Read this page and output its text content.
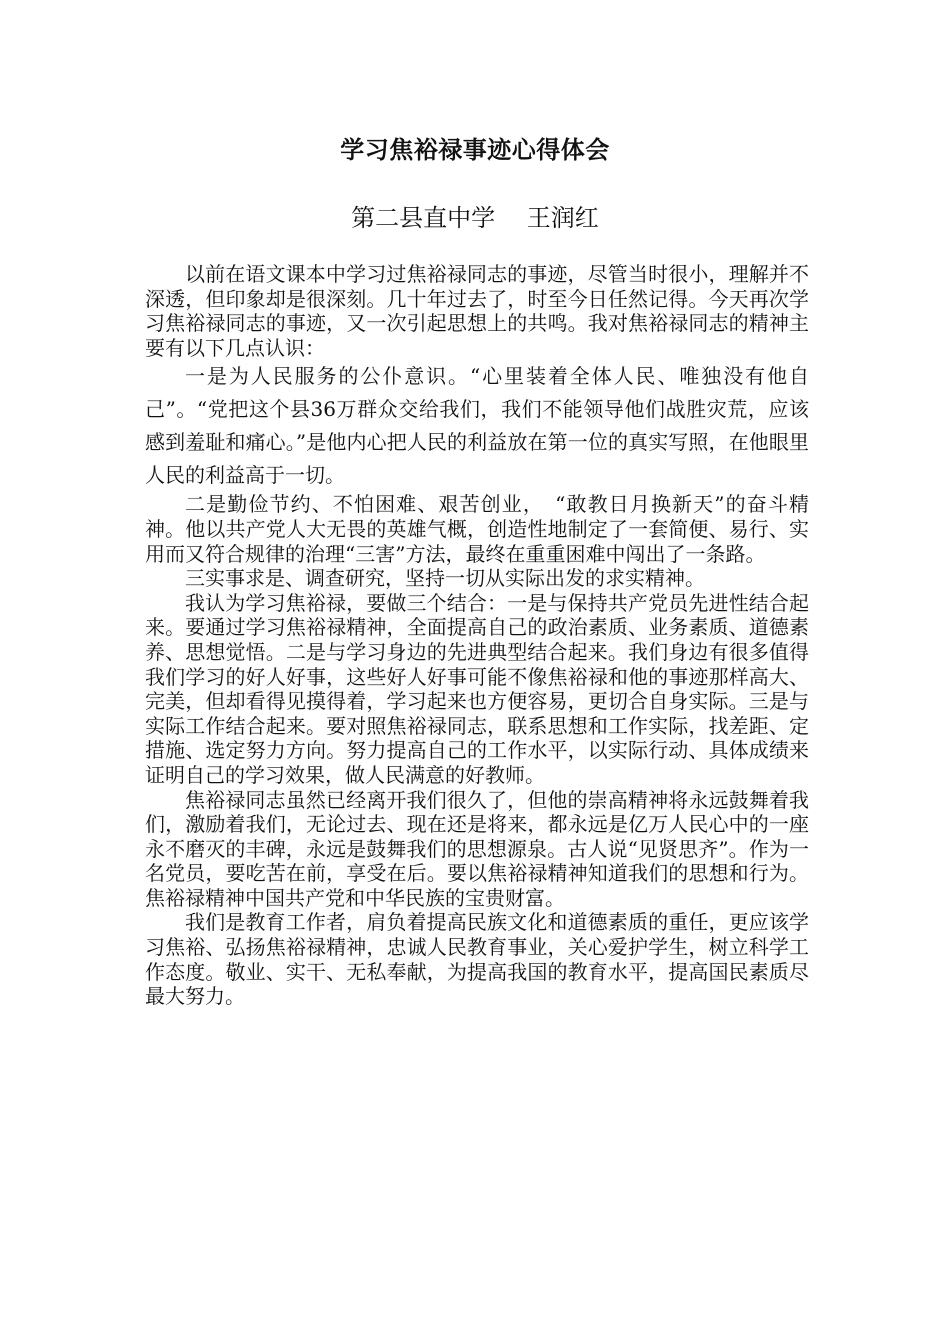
学习焦裕禄事迹心得体会

第二县直中学　 王润红

以前在语文课本中学习过焦裕禄同志的事迹，尽管当时很小，理解并不深透，但印象却是很深刻。几十年过去了，时至今日任然记得。今天再次学习焦裕禄同志的事迹，又一次引起思想上的共鸣。我对焦裕禄同志的精神主要有以下几点认识：

一是为人民服务的公仆意识。“心里装着全体人民、唯独没有他自己”。“党把这个县36万群众交给我们，我们不能领导他们战胜灾荒，应该感到羞耻和痛心。”是他内心把人民的利益放在第一位的真实写照，在他眼里人民的利益高于一切。

二是勤俭节约、不怕困难、艰苦创业，　“敢教日月换新天”的奋斗精神。他以共产党人大无畏的英雄气概，创造性地制定了一套简便、易行、实用而又符合规律的治理“三害”方法，最终在重重困难中闯出了一条路。

三实事求是、调查研究，坚持一切从实际出发的求实精神。

我认为学习焦裕禄，要做三个结合：一是与保持共产党员先进性结合起来。要通过学习焦裕禄精神，全面提高自己的政治素质、业务素质、道德素养、思想觉悟。二是与学习身边的先进典型结合起来。我们身边有很多值得我们学习的好人好事，这些好人好事可能不像焦裕禄和他的事迹那样高大、完美，但却看得见摸得着，学习起来也方便容易，更切合自身实际。三是与实际工作结合起来。要对照焦裕禄同志，联系思想和工作实际，找差距、定措施、选定努力方向。努力提高自己的工作水平，以实际行动、具体成绩来证明自己的学习效果，做人民满意的好教师。

焦裕禄同志虽然已经离开我们很久了，但他的崇高精神将永远鼓舞着我们，激励着我们，无论过去、现在还是将来，都永远是亿万人民心中的一座永不磨灭的丰碑，永远是鼓舞我们的思想源泉。古人说“见贤思齐”。作为一名党员，要吃苦在前，享受在后。要以焦裕禄精神知道我们的思想和行为。焦裕禄精神中国共产党和中华民族的宝贵财富。

我们是教育工作者，肩负着提高民族文化和道德素质的重任，更应该学习焦裕、弘扬焦裕禄精神，忠诚人民教育事业，关心爱护学生，树立科学工作态度。敬业、实干、无私奉献，为提高我国的教育水平，提高国民素质尽最大努力。
